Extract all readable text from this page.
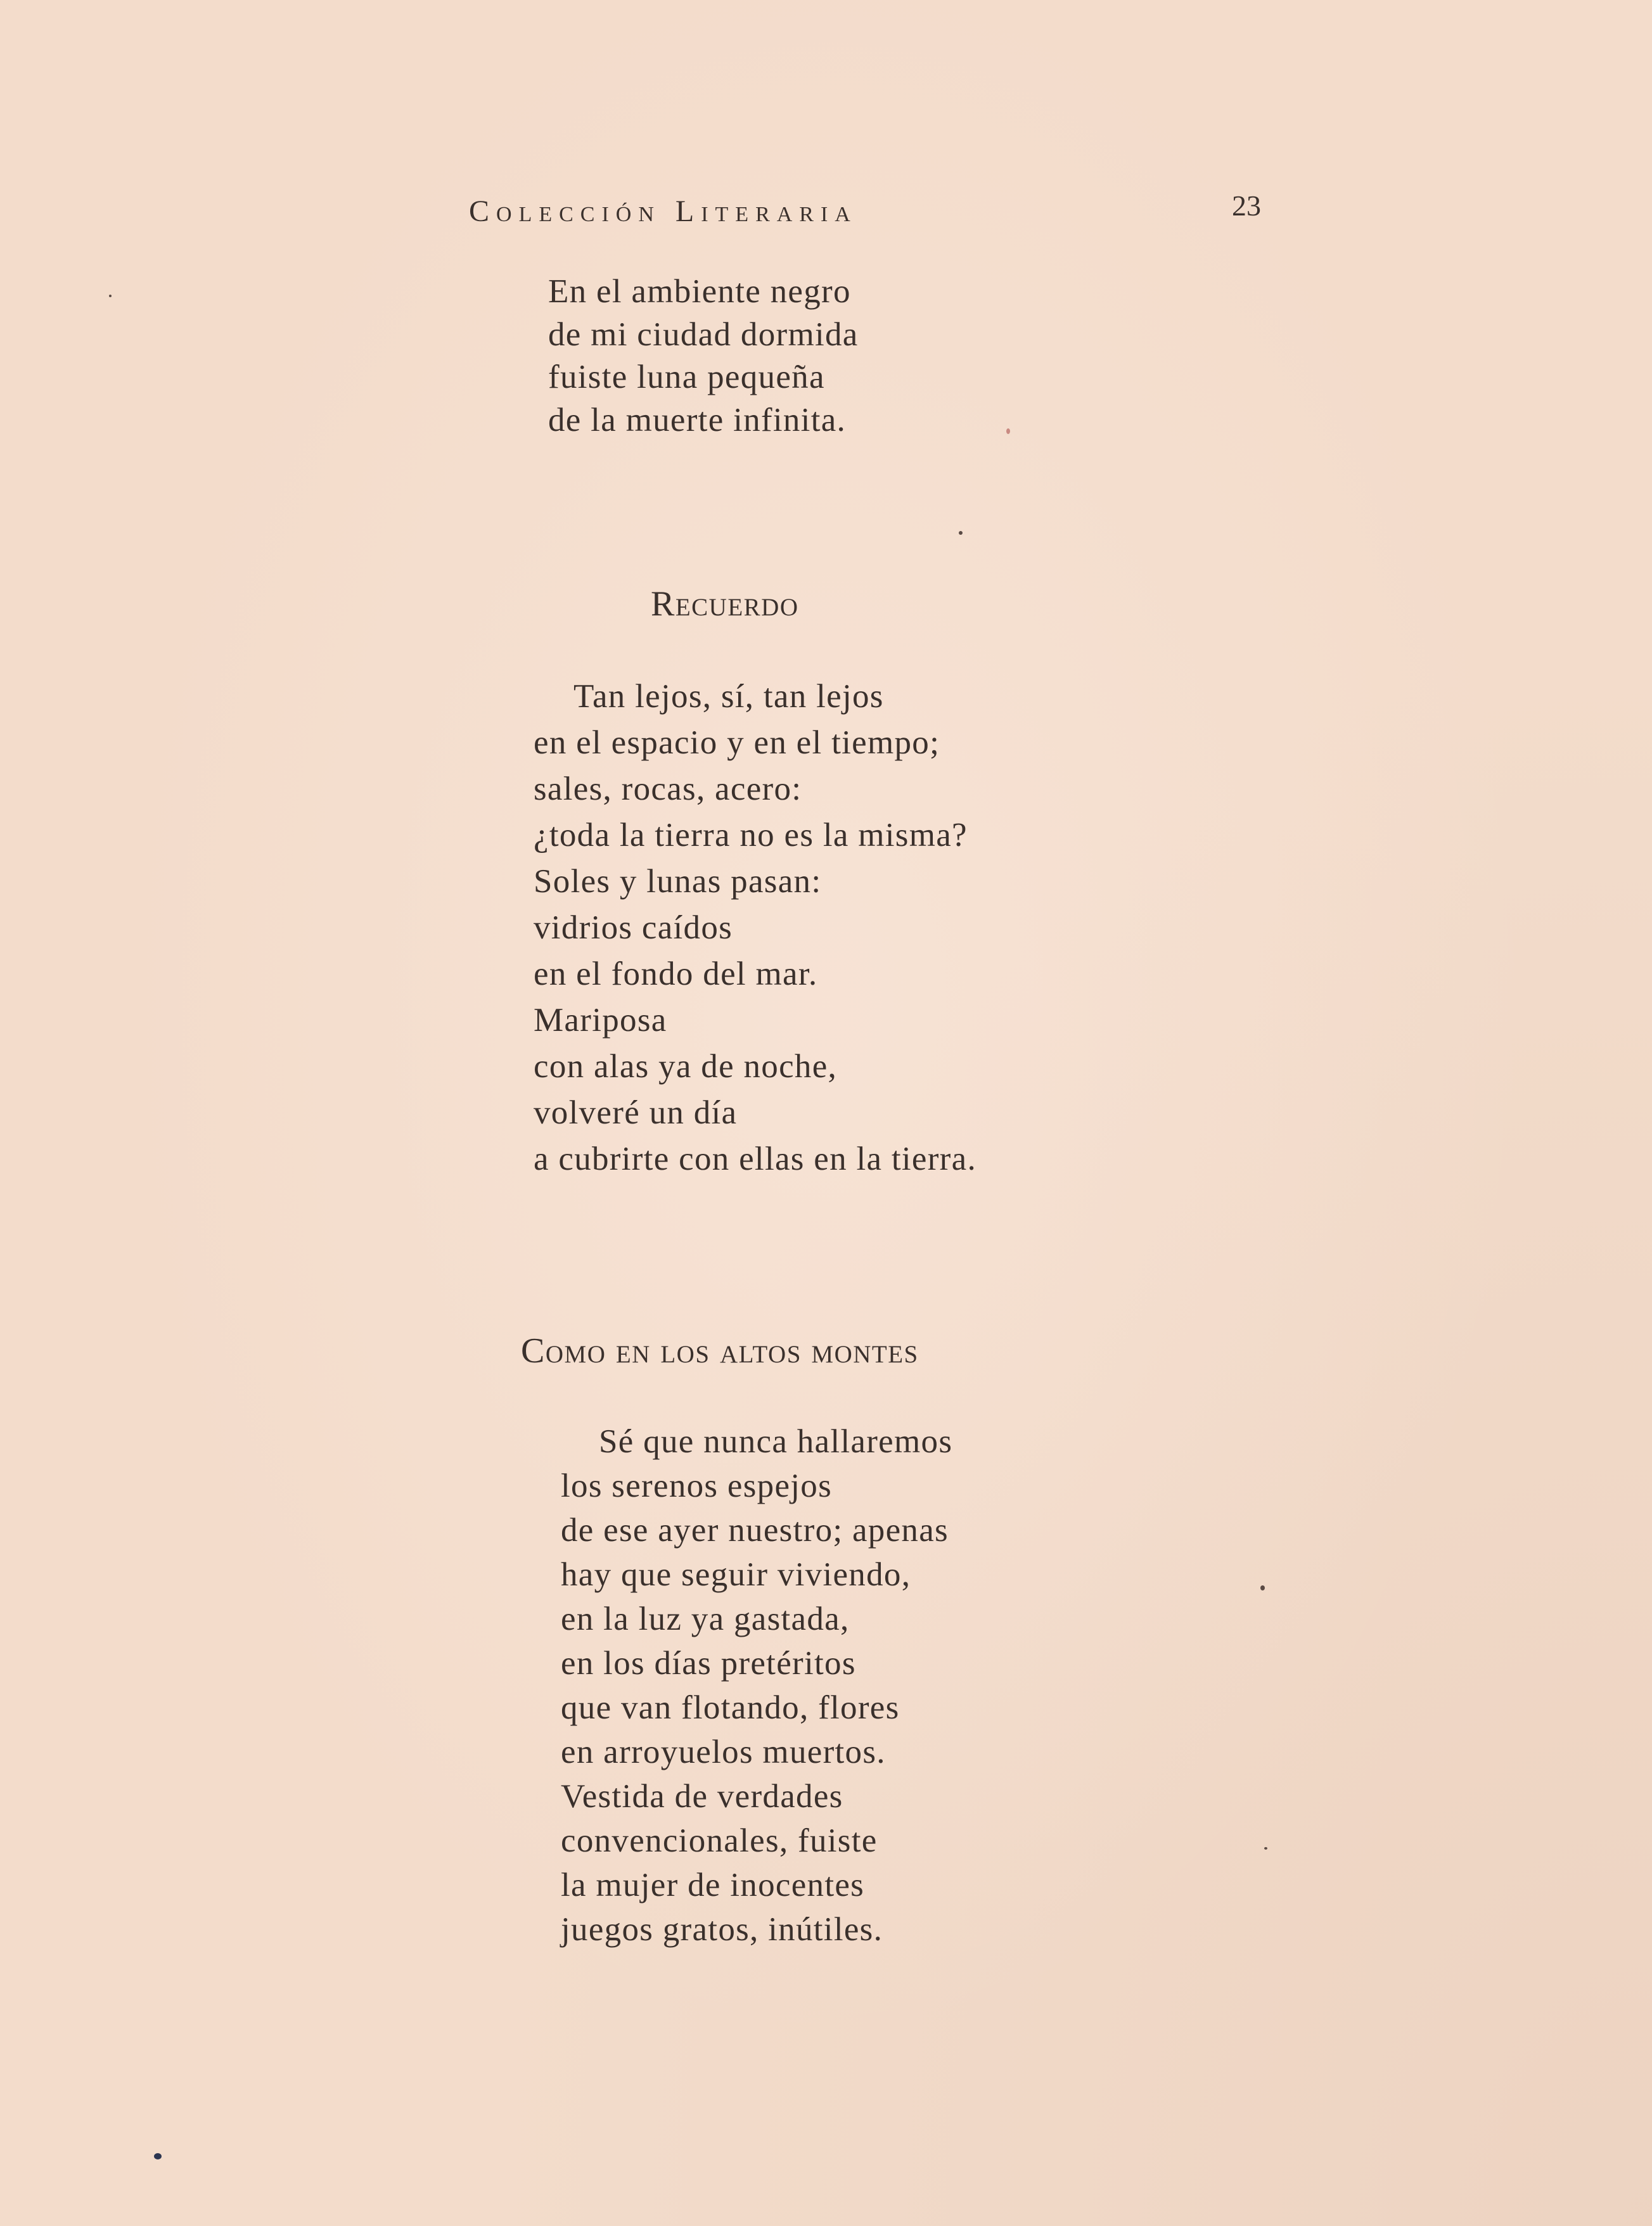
Colección Literaria	23
En el ambiente negro
de mi ciudad dormida
fuiste luna pequeña
de la muerte infinita.
Recuerdo
Tan lejos, sí, tan lejos
en el espacio y en el tiempo;
sales, rocas, acero:
¿toda la tierra no es la misma?
Soles y lunas pasan:
vidrios caídos
en el fondo del mar.
Mariposa
con alas ya de noche,
volveré un día
a cubrirte con ellas en la tierra.
Como en los altos montes
Sé que nunca hallaremos
los serenos espejos
de ese ayer nuestro; apenas
hay que seguir viviendo,
en la luz ya gastada,
en los días pretéritos
que van flotando, flores
en arroyuelos muertos.
Vestida de verdades
convencionales, fuiste
la mujer de inocentes
juegos gratos, inútiles.
